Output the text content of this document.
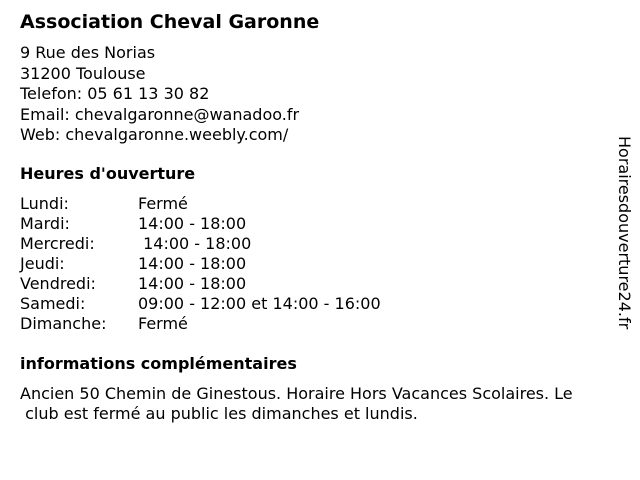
Association Cheval Garonne
9 Rue des Norias
31200 Toulouse
Telefon: 05 61 13 30 82
Email: chevalgaronne@wanadoo.fr
Web: chevalgaronne.weebly.com/
Heures d'ouverture
Lundi:	Fermé
Mardi:	14:00 - 18:00
Mercredi:	14:00 - 18:00
Jeudi:	14:00 - 18:00
Vendredi:	14:00 - 18:00
Samedi:	09:00 - 12:00 et 14:00 - 16:00
Dimanche:	Fermé
informations complémentaires
Ancien 50 Chemin de Ginestous. Horaire Hors Vacances Scolaires. Le
club est fermé au public les dimanches et lundis.
Horairesdouverture24.fr
